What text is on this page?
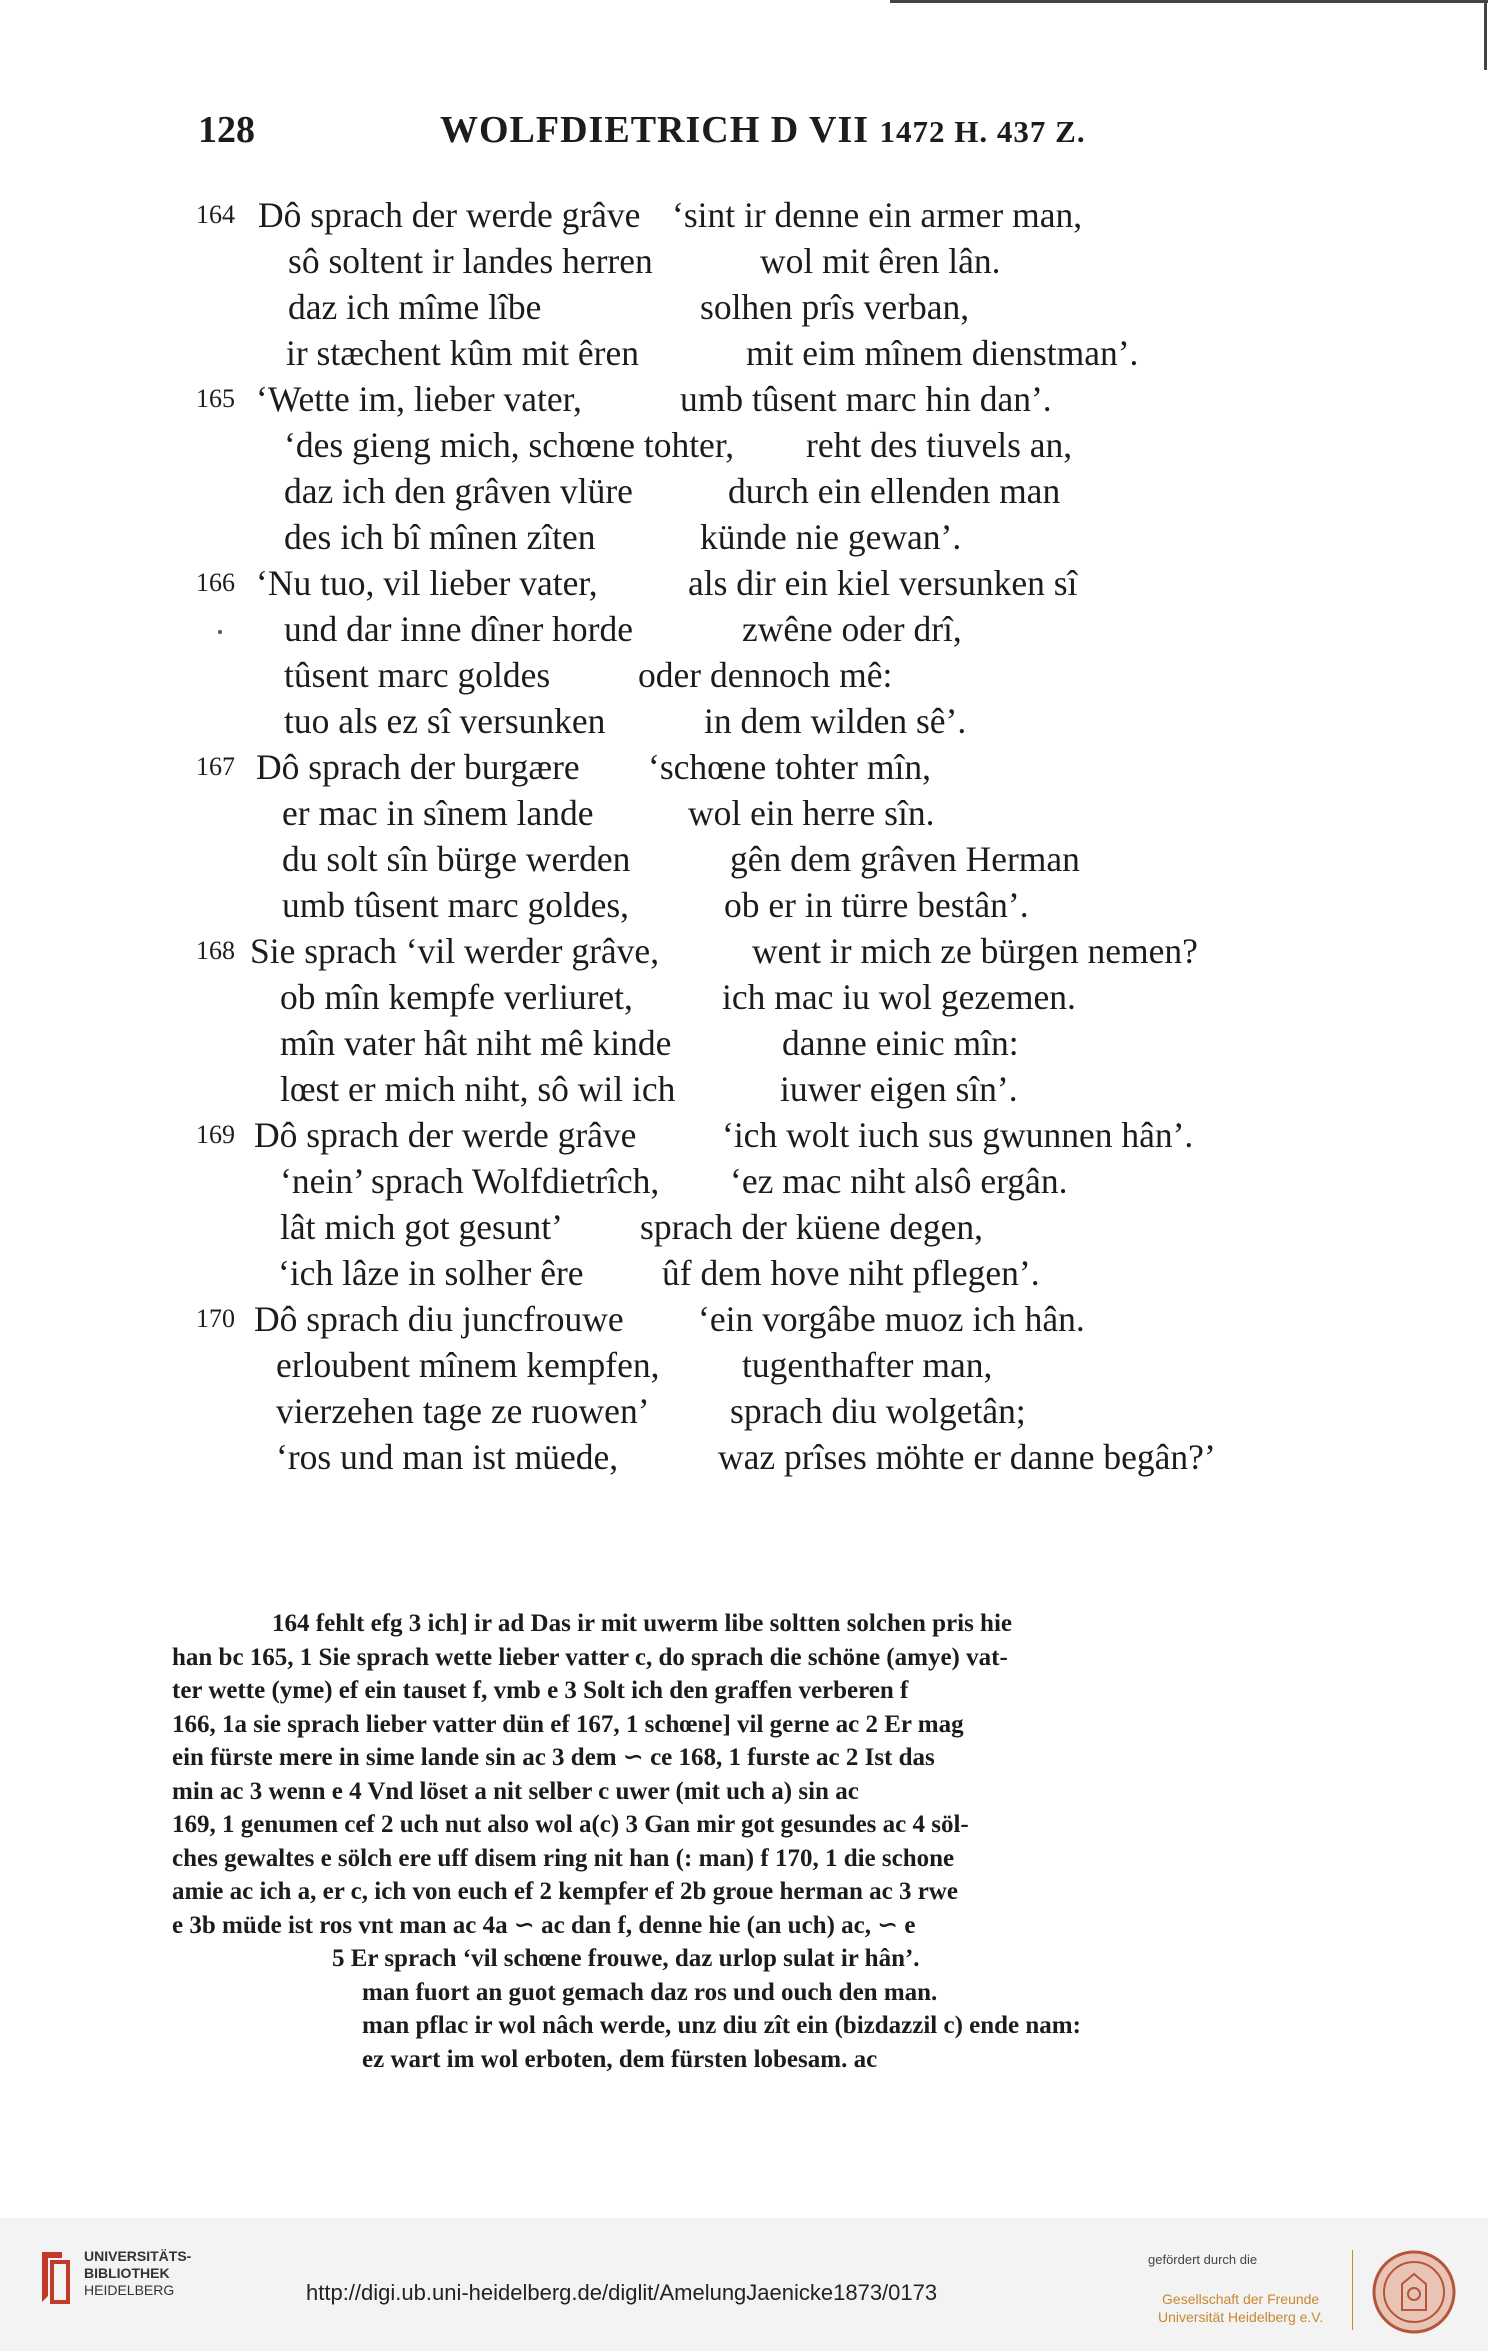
128	WOLFDIETRICH D VII 1472 H. 437 Z.
164 Dô sprach der werde grâve ‘sint ir denne ein armer man,
sô soltent ir landes herren	wol mit êren lân.
daz ich mîme lîbe	solhen prîs verban,
ir stæchent kûm mit êren	mit eim mînem dienstman’.
165 ‘Wette im, lieber vater,	umb tûsent marc hin dan’.
‘des gieng mich, schœne tohter, reht des tiuvels an,
daz ich den grâven vlüre	durch ein ellenden man
des ich bî mînen zîten	künde nie gewan’.
166 ‘Nu tuo, vil lieber vater,	als dir ein kiel versunken sî
und dar inne dîner horde	zwêne oder drî,
tûsent marc goldes oder dennoch mê:
tuo als ez sî versunken	in dem wilden sê’.
167 Dô sprach der burgære ‘schœne tohter mîn,
er mac in sînem lande	wol ein herre sîn.
du solt sîn bürge werden	gên dem grâven Herman
umb tûsent marc goldes,	ob er in türre bestân’.
168 Sie sprach ‘vil werder grâve,	went ir mich ze bürgen nemen?
ob mîn kempfe verliuret,	ich mac iu wol gezemen.
mîn vater hât niht mê kinde	danne einic mîn:
lœst er mich niht, sô wil ich	iuwer eigen sîn’.
169 Dô sprach der werde grâve ‘ich wolt iuch sus gwunnen hân’.
‘nein’ sprach Wolfdietrîch, ‘ez mac niht alsô ergân.
lât mich got gesunt’ sprach der küene degen,
‘ich lâze in solher êre ûf dem hove niht pflegen’.
170 Dô sprach diu juncfrouwe ‘ein vorgâbe muoz ich hân.
erloubent mînem kempfen, tugenthafter man,
vierzehen tage ze ruowen’ sprach diu wolgetân;
‘ros und man ist müede,	waz prîses möhte er danne begân?’
164 fehlt efg 3 ich] ir ad Das ir mit uwerm libe soltten solchen pris hie
han bc 165, 1 Sie sprach wette lieber vatter c, do sprach die schöne (amye) vat-
ter wette (yme) ef ein tauset f, vmb e 3 Solt ich den graffen verberen f
166, 1a sie sprach lieber vatter dün ef 167, 1 schœne] vil gerne ac 2 Er mag
ein fürste mere in sime lande sin ac 3 dem ∽ ce 168, 1 furste ac 2 Ist das
min ac 3 wenn e 4 Vnd löset a nit selber c uwer (mit uch a) sin ac
169, 1 genumen cef 2 uch nut also wol a(c) 3 Gan mir got gesundes ac 4 söl-
ches gewaltes e sölch ere uff disem ring nit han (: man) f 170, 1 die schone
amie ac ich a, er c, ich von euch ef 2 kempfer ef 2b groue herman ac 3 rwe
e 3b müde ist ros vnt man ac 4a ∽ ac dan f, denne hie (an uch) ac, ∽ e
5 Er sprach ‘vil schœne frouwe, daz urlop sulat ir hân’.
man fuort an guot gemach daz ros und ouch den man.
man pflac ir wol nâch werde, unz diu zît ein (bizdazzil c) ende nam:
ez wart im wol erboten, dem fürsten lobesam. ac
UNIVERSITÄTS-
BIBLIOTHEK
HEIDELBERG	http://digi.ub.uni-heidelberg.de/diglit/AmelungJaenicke1873/0173
gefördert durch die
Gesellschaft der Freunde
Universität Heidelberg e.V.
